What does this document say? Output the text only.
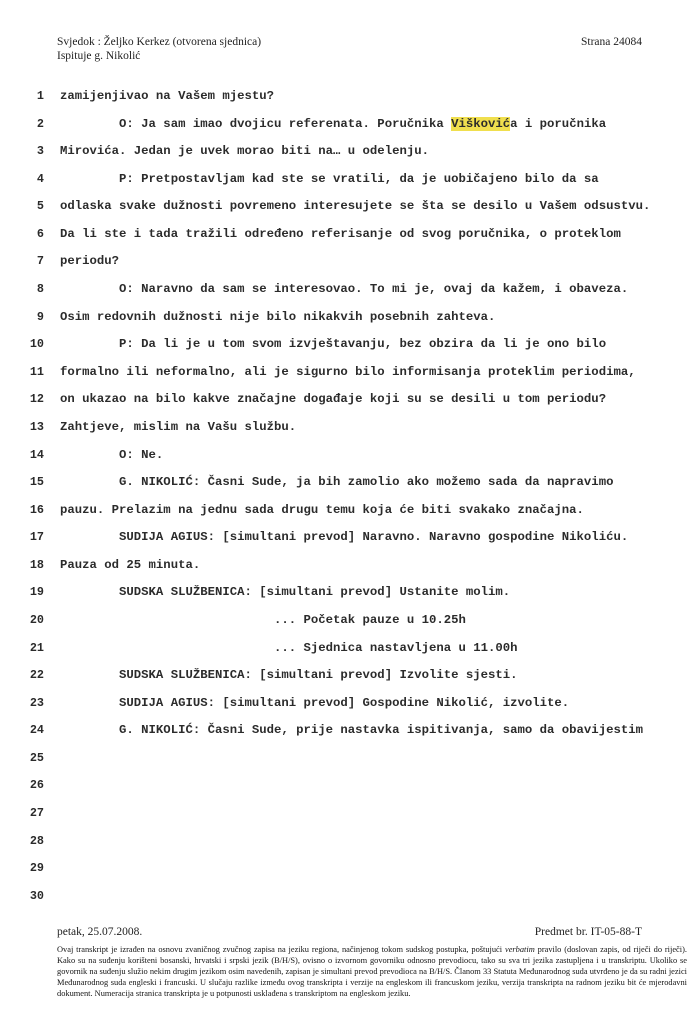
Svjedok : Željko Kerkez (otvorena sjednica)
Ispituje g. Nikolić
Strana 24084
1 zamijenjivao na Vašem mjestu?
2 O: Ja sam imao dvojicu referenata. Poručnika Viškovića i poručnika
3 Mirovića. Jedan je uvek morao biti na… u odelenju.
4 P: Pretpostavljam kad ste se vratili, da je uobičajeno bilo da sa
5 odlaska svake dužnosti povremeno interesujete se šta se desilo u Vašem odsustvu.
6 Da li ste i tada tražili određeno referisanje od svog poručnika, o proteklom
7 periodu?
8 O: Naravno da sam se interesovao. To mi je, ovaj da kažem, i obaveza.
9 Osim redovnih dužnosti nije bilo nikakvih posebnih zahteva.
10 P: Da li je u tom svom izvještavanju, bez obzira da li je ono bilo
11 formalno ili neformalno, ali je sigurno bilo informisanja proteklim periodima,
12 on ukazao na bilo kakve značajne događaje koji su se desili u tom periodu?
13 Zahtjeve, mislim na Vašu službu.
14 O: Ne.
15 G. NIKOLIĆ: Časni Sude, ja bih zamolio ako možemo sada da napravimo
16 pauzu. Prelazim na jednu sada drugu temu koja će biti svakako značajna.
17 SUDIJA AGIUS: [simultani prevod] Naravno. Naravno gospodine Nikoliću.
18 Pauza od 25 minuta.
19 SUDSKA SLUŽBENICA: [simultani prevod] Ustanite molim.
20 ... Početak pauze u 10.25h
21 ... Sjednica nastavljena u 11.00h
22 SUDSKA SLUŽBENICA: [simultani prevod] Izvolite sjesti.
23 SUDIJA AGIUS: [simultani prevod] Gospodine Nikolić, izvolite.
24 G. NIKOLIĆ: Časni Sude, prije nastavka ispitivanja, samo da obavijestim
25
26
27
28
29
30
petak, 25.07.2008.	Predmet br. IT-05-88-T

Ovaj transkript je izrađen na osnovu zvaničnog zvučnog zapisa na jeziku regiona, načinjenog tokom sudskog postupka, poštujući verbatim pravilo (doslovan zapis, od riječi do riječi). Kako su na suđenju korišteni bosanski, hrvatski i srpski jezik (B/H/S), ovisno o izvornom govorniku odnosno prevodiocu, tako su sva tri jezika zastupljena i u transkriptu. Ukoliko se govornik na suđenju služio nekim drugim jezikom osim navedenih, zapisan je simultani prevod prevodioca na B/H/S. Članom 33 Statuta Međunarodnog suda utvrđeno je da su radni jezici Međunarodnog suda engleski i francuski. U slučaju razlike između ovog transkripta i verzije na engleskom ili francuskom jeziku, verzija transkripta na radnom jeziku bit će mjerodavni dokument. Numeracija stranica transkripta je u potpunosti usklađena s transkriptom na engleskom jeziku.
